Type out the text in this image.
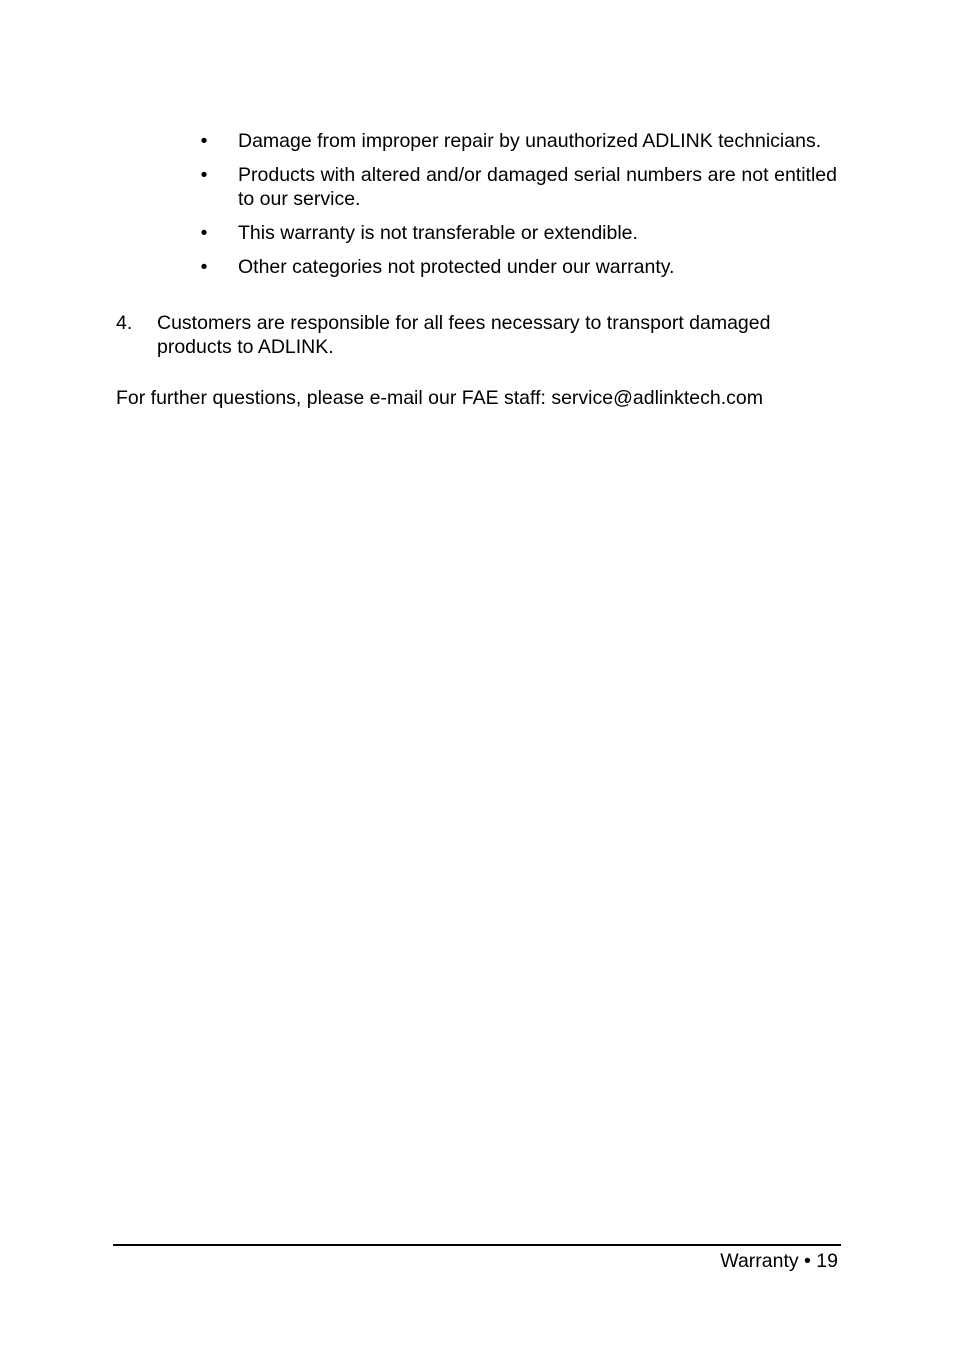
• Damage from improper repair by unauthorized ADLINK technicians.
• Products with altered and/or damaged serial numbers are not entitled to our service.
• This warranty is not transferable or extendible.
• Other categories not protected under our warranty.
4. Customers are responsible for all fees necessary to transport damaged products to ADLINK.
For further questions, please e-mail our FAE staff: service@adlinktech.com
Warranty • 19
